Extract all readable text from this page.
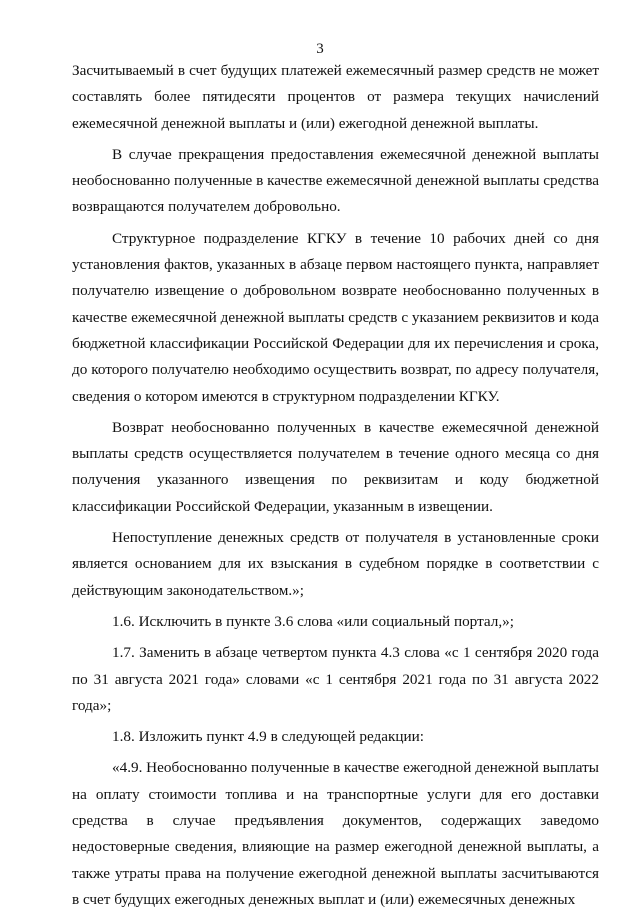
3

Засчитываемый в счет будущих платежей ежемесячный размер средств не может составлять более пятидесяти процентов от размера текущих начислений ежемесячной денежной выплаты и (или) ежегодной денежной выплаты.

В случае прекращения предоставления ежемесячной денежной выплаты необоснованно полученные в качестве ежемесячной денежной выплаты средства возвращаются получателем добровольно.

Структурное подразделение КГКУ в течение 10 рабочих дней со дня установления фактов, указанных в абзаце первом настоящего пункта, направляет получателю извещение о добровольном возврате необоснованно полученных в качестве ежемесячной денежной выплаты средств с указанием реквизитов и кода бюджетной классификации Российской Федерации для их перечисления и срока, до которого получателю необходимо осуществить возврат, по адресу получателя, сведения о котором имеются в структурном подразделении КГКУ.

Возврат необоснованно полученных в качестве ежемесячной денежной выплаты средств осуществляется получателем в течение одного месяца со дня получения указанного извещения по реквизитам и коду бюджетной классификации Российской Федерации, указанным в извещении.

Непоступление денежных средств от получателя в установленные сроки является основанием для их взыскания в судебном порядке в соответствии с действующим законодательством.»;

1.6. Исключить в пункте 3.6 слова «или социальный портал,»;

1.7. Заменить в абзаце четвертом пункта 4.3 слова «с 1 сентября 2020 года по 31 августа 2021 года» словами «с 1 сентября 2021 года по 31 августа 2022 года»;

1.8. Изложить пункт 4.9 в следующей редакции:

«4.9. Необоснованно полученные в качестве ежегодной денежной выплаты на оплату стоимости топлива и на транспортные услуги для его доставки средства в случае предъявления документов, содержащих заведомо недостоверные сведения, влияющие на размер ежегодной денежной выплаты, а также утраты права на получение ежегодной денежной выплаты засчитываются в счет будущих ежегодных денежных выплат и (или) ежемесячных денежных
